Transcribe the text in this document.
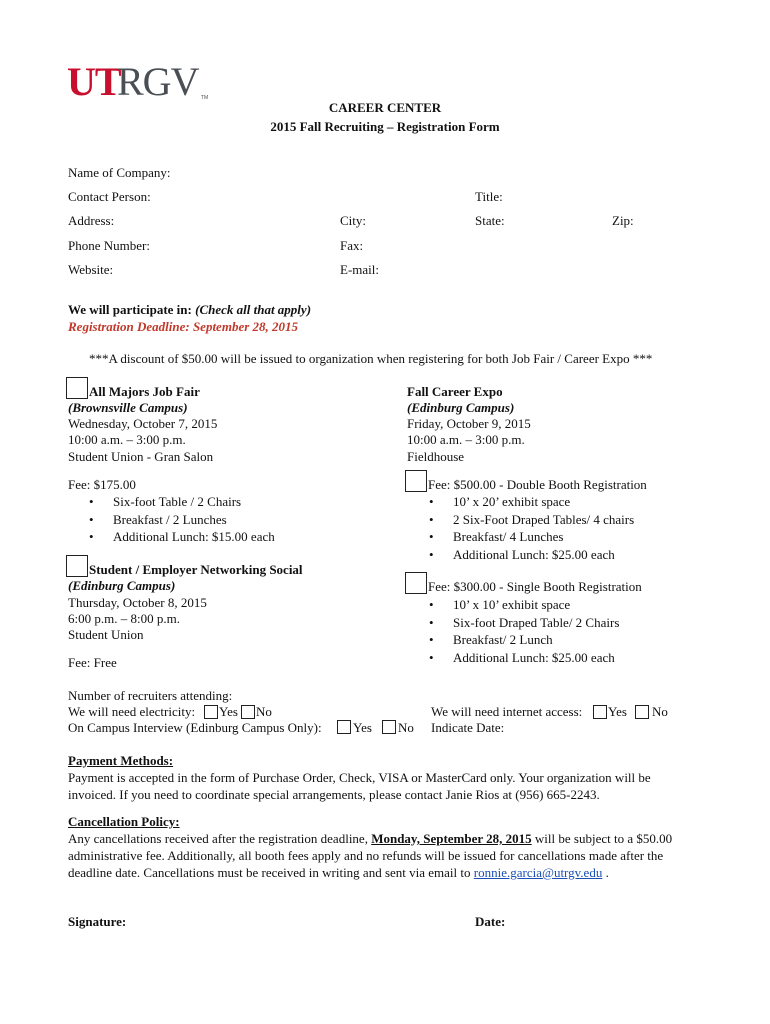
UT
RGV TM
CAREER CENTER
2015 Fall Recruiting – Registration Form
Name of Company:
Contact Person:	Title:
Address:	City:	State:	Zip:
Phone Number:	Fax:
Website:	E-mail:
We will participate in: (Check all that apply)
Registration Deadline: September 28, 2015
***A discount of $50.00 will be issued to organization when registering for both Job Fair / Career Expo ***
All Majors Job Fair
(Brownsville Campus)
Wednesday, October 7, 2015
10:00 a.m. – 3:00 p.m.
Student Union - Gran Salon
Fee: $175.00
• Six-foot Table / 2 Chairs
• Breakfast / 2 Lunches
• Additional Lunch: $15.00 each
Student / Employer Networking Social
(Edinburg Campus)
Thursday, October 8, 2015
6:00 p.m. – 8:00 p.m.
Student Union
Fee: Free
Fall Career Expo
(Edinburg Campus)
Friday, October 9, 2015
10:00 a.m. – 3:00 p.m.
Fieldhouse
Fee: $500.00 - Double Booth Registration
• 10’ x 20’ exhibit space
• 2 Six-Foot Draped Tables/ 4 chairs
• Breakfast/ 4 Lunches
• Additional Lunch: $25.00 each
Fee: $300.00 - Single Booth Registration
• 10’ x 10’ exhibit space
• Six-foot Draped Table/ 2 Chairs
• Breakfast/ 2 Lunch
• Additional Lunch: $25.00 each
Number of recruiters attending:
We will need electricity: Yes No
On Campus Interview (Edinburg Campus Only): Yes No
We will need internet access: Yes No
Indicate Date:
Payment Methods:
Payment is accepted in the form of Purchase Order, Check, VISA or MasterCard only. Your organization will be invoiced. If you need to coordinate special arrangements, please contact Janie Rios at (956) 665-2243.
Cancellation Policy:
Any cancellations received after the registration deadline, Monday, September 28, 2015 will be subject to a $50.00 administrative fee. Additionally, all booth fees apply and no refunds will be issued for cancellations made after the deadline date. Cancellations must be received in writing and sent via email to ronnie.garcia@utrgv.edu .
Signature:	Date:
